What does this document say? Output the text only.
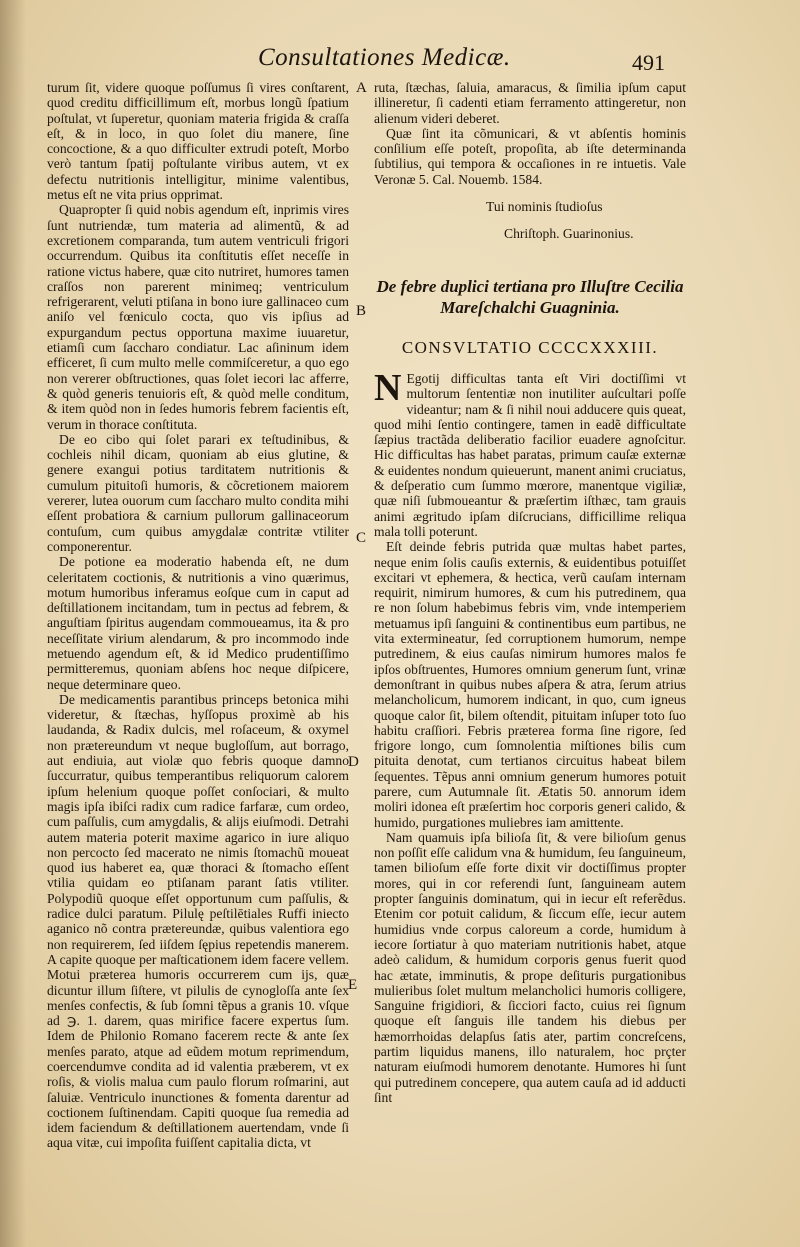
Consultationes Medicæ.	491

turum ſit, videre quoque poſſumus ſi vires conſtarent, quod creditu difficillimum eſt, morbus longũ ſpatium poſtulat, vt ſuperetur, quoniam materia frigida & craſſa eſt, & in loco, in quo ſolet diu manere, ſine concoctione, & a quo difficulter extrudi poteſt, Morbo verò tantum ſpatij poſtulante viribus autem, vt ex defectu nutritionis intelligitur, minime valentibus, metus eſt ne vita prius opprimat.

Quapropter ſi quid nobis agendum eſt, inprimis vires ſunt nutriendæ, tum materia ad alimentũ, & ad excretionem comparanda, tum autem ventriculi frigori occurrendum. Quibus ita conſtitutis eſſet neceſſe in ratione victus habere, quæ cito nutriret, humores tamen craſſos non parerent minimeq; ventriculum refrigerarent, veluti ptiſana in bono iure gallinaceo cum aniſo vel fœniculo cocta, quo vis ipſius ad expurgandum pectus opportuna maxime iuuaretur, etiamſi cum ſaccharo condiatur. Lac aſininum idem efficeret, ſi cum multo melle commiſceretur, a quo ego non vererer obſtructiones, quas ſolet iecori lac afferre, & quòd generis tenuioris eſt, & quòd melle conditum, & item quòd non in ſedes humoris febrem facientis eſt, verum in thorace conſtituta.

De eo cibo qui ſolet parari ex teſtudinibus, & cochleis nihil dicam, quoniam ab eius glutine, & genere exangui potius tarditatem nutritionis & cumulum pituitoſi humoris, & cõcretionem maiorem vererer, lutea ouorum cum ſaccharo multo condita mihi eſſent probatiora & carnium pullorum gallinaceorum contuſum, cum quibus amygdalæ contritæ vtiliter componerentur.

De potione ea moderatio habenda eſt, ne dum celeritatem coctionis, & nutritionis a vino quærimus, motum humoribus inferamus eoſque cum in caput ad deſtillationem incitandam, tum in pectus ad febrem, & anguſtiam ſpiritus augendam commoueamus, ita & pro neceſſitate virium alendarum, & pro incommodo inde metuendo agendum eſt, & id Medico prudentiſſimo permitteremus, quoniam abſens hoc neque diſpicere, neque determinare queo.

De medicamentis parantibus princeps betonica mihi videretur, & ſtæchas, hyſſopus proximè ab his laudanda, & Radix dulcis, mel roſaceum, & oxymel non prætereundum vt neque bugloſſum, aut borrago, aut endiuia, aut violæ quo febris quoque damno ſuccurratur, quibus temperantibus reliquorum calorem ipſum helenium quoque poſſet conſociari, & multo magis ipſa ibiſci radix cum radice farfaræ, cum ordeo, cum paſſulis, cum amygdalis, & alijs eiuſmodi. Detrahi autem materia poterit maxime agarico in iure aliquo non percocto ſed macerato ne nimis ſtomachũ moueat quod ius haberet ea, quæ thoraci & ſtomacho eſſent vtilia quidam eo ptiſanam parant ſatis vtiliter. Polypodiũ quoque eſſet opportunum cum paſſulis, & radice dulci paratum. Pilulę peſtilētiales Ruffi iniecto aganico nõ contra prætereundæ, quibus valentiora ego non requirerem, ſed iiſdem ſępius repetendis manerem. A capite quoque per maſticationem idem facere vellem. Motui præterea humoris occurrerem cum ijs, quæ dicuntur illum ſiſtere, vt pilulis de cynogloſſa ante ſex menſes confectis, & ſub ſomni tẽpus a granis 10. vſque ad ℈. 1. darem, quas mirifice facere expertus ſum. Idem de Philonio Romano facerem recte & ante ſex menſes parato, atque ad eũdem motum reprimendum, coercendumve condita ad id valentia præberem, vt ex roſis, & violis malua cum paulo florum roſmarini, aut ſaluiæ. Ventriculo inunctiones & fomenta darentur ad coctionem ſuſtinendam. Capiti quoque ſua remedia ad idem faciendum & deſtillationem auertendam, vnde ſi aqua vitæ, cui impoſita fuiſſent capitalia dicta, vt

A
B
C
D
E

ruta, ſtæchas, ſaluia, amaracus, & ſimilia ipſum caput illineretur, ſi cadenti etiam ferramento attingeretur, non alienum videri deberet.

Quæ ſint ita cõmunicari, & vt abſentis hominis conſilium eſſe poteſt, propoſita, ab iſte determinanda ſubtilius, qui tempora & occaſiones in re intuetis. Vale Veronæ 5. Cal. Nouemb. 1584.

Tui nominis ſtudioſus

Chriſtoph. Guarinonius.

De febre duplici tertiana pro Illuſtre Cecilia Mareſchalchi Guagninia.

CONSVLTATIO CCCCXXXIII.

N Egotij difficultas tanta eſt Viri doctiſſimi vt multorum ſententiæ non inutiliter auſcultari poſſe videantur; nam & ſi nihil noui adducere quis queat, quod mihi ſentio contingere, tamen in eadẽ difficultate ſæpius tractãda deliberatio facilior euadere agnoſcitur. Hic difficultas has habet paratas, primum cauſæ externæ & euidentes nondum quieuerunt, manent animi cruciatus, & deſperatio cum ſummo mœrore, manentque vigiliæ, quæ niſi ſubmoueantur & præſertim iſthæc, tam grauis animi ægritudo ipſam diſcrucians, difficillime reliqua mala tolli poterunt.

Eſt deinde febris putrida quæ multas habet partes, neque enim ſolis cauſis externis, & euidentibus potuiſſet excitari vt ephemera, & hectica, verũ cauſam internam requirit, nimirum humores, & cum his putredinem, qua re non ſolum habebimus febris vim, vnde intemperiem metuamus ipſi ſanguini & continentibus eum partibus, ne vita extermineatur, ſed corruptionem humorum, nempe putredinem, & eius cauſas nimirum humores malos fe ipſos obſtruentes, Humores omnium generum ſunt, vrinæ demonſtrant in quibus nubes aſpera & atra, ſerum atrius melancholicum, humorem indicant, in quo, cum igneus quoque calor ſit, bilem oſtendit, pituitam inſuper toto ſuo habitu craſſiori. Febris præterea forma ſine rigore, ſed frigore longo, cum ſomnolentia miſtiones bilis cum pituita denotat, cum tertianos circuitus habeat bilem ſequentes. Tẽpus anni omnium generum humores potuit parere, cum Autumnale ſit. Ætatis 50. annorum idem moliri idonea eſt præſertim hoc corporis generi calido, & humido, purgationes muliebres iam amittente.

Nam quamuis ipſa bilioſa ſit, & vere bilioſum genus non poſſit eſſe calidum vna & humidum, ſeu ſanguineum, tamen bilioſum eſſe forte dixit vir doctiſſimus propter mores, qui in cor referendi ſunt, ſanguineam autem propter ſanguinis dominatum, qui in iecur eſt referẽdus. Etenim cor potuit calidum, & ſiccum eſſe, iecur autem humidius vnde corpus caloreum a corde, humidum à iecore ſortiatur à quo materiam nutritionis habet, atque adeò calidum, & humidum corporis genus fuerit quod hac ætate, imminutis, & prope deſituris purgationibus mulieribus ſolet multum melancholici humoris colligere, Sanguine frigidiori, & ſicciori facto, cuius rei ſignum quoque eſt ſanguis ille tandem his diebus per hæmorrhoidas delapſus ſatis ater, partim concreſcens, partim liquidus manens, illo naturalem, hoc prçter naturam eiuſmodi humorem denotante. Humores hi ſunt qui putredinem concepere, qua autem cauſa ad id adducti ſint
